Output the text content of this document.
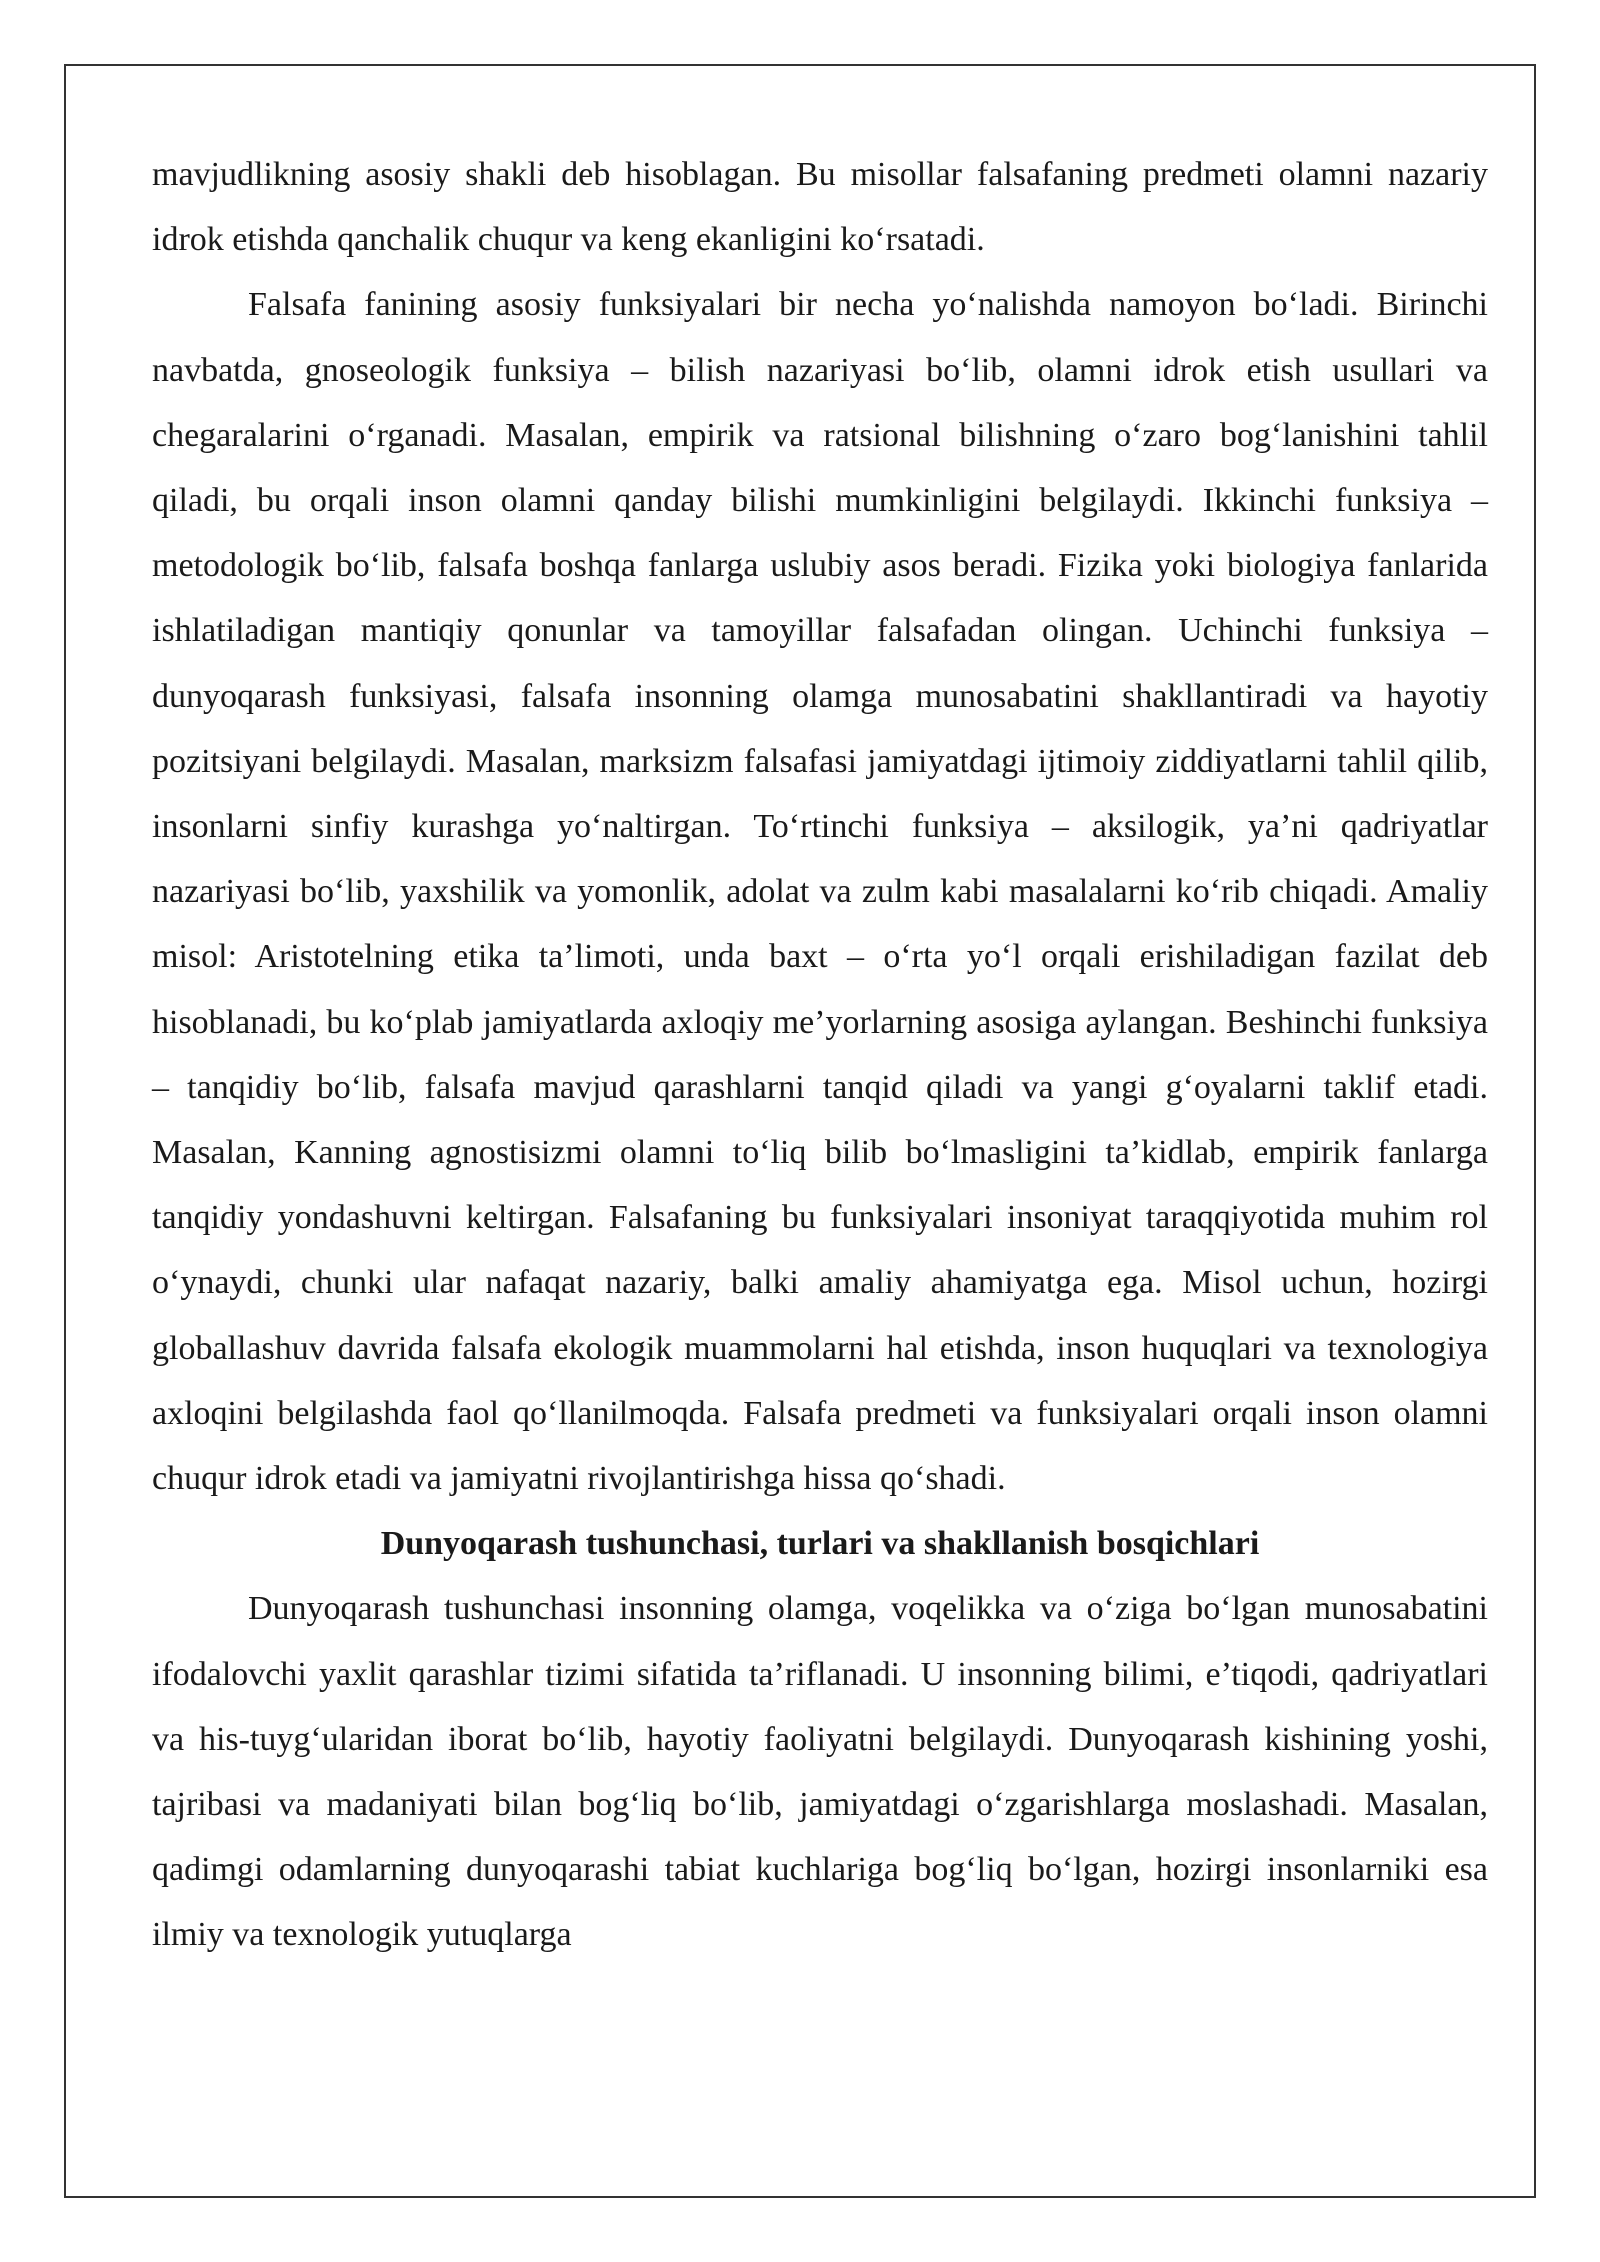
mavjudlikning asosiy shakli deb hisoblagan. Bu misollar falsafaning predmeti olamni nazariy idrok etishda qanchalik chuqur va keng ekanligini ko‘rsatadi.

Falsafa fanining asosiy funksiyalari bir necha yo‘nalishda namoyon bo‘ladi. Birinchi navbatda, gnoseologik funksiya – bilish nazariyasi bo‘lib, olamni idrok etish usullari va chegaralarini o‘rganadi. Masalan, empirik va ratsional bilishning o‘zaro bog‘lanishini tahlil qiladi, bu orqali inson olamni qanday bilishi mumkinligini belgilaydi. Ikkinchi funksiya – metodologik bo‘lib, falsafa boshqa fanlarga uslubiy asos beradi. Fizika yoki biologiya fanlarida ishlatiladigan mantiqiy qonunlar va tamoyillar falsafadan olingan. Uchinchi funksiya – dunyoqarash funksiyasi, falsafa insonning olamga munosabatini shakllantiradi va hayotiy pozitsiyani belgilaydi. Masalan, marksizm falsafasi jamiyatdagi ijtimoiy ziddiyatlarni tahlil qilib, insonlarni sinfiy kurashga yo‘naltirgan. To‘rtinchi funksiya – aksilogik, ya’ni qadriyatlar nazariyasi bo‘lib, yaxshilik va yomonlik, adolat va zulm kabi masalalarni ko‘rib chiqadi. Amaliy misol: Aristotelning etika ta’limoti, unda baxt – o‘rta yo‘l orqali erishiladigan fazilat deb hisoblanadi, bu ko‘plab jamiyatlarda axloqiy me’yorlarning asosiga aylangan. Beshinchi funksiya – tanqidiy bo‘lib, falsafa mavjud qarashlarni tanqid qiladi va yangi g‘oyalarni taklif etadi. Masalan, Kanning agnostisizmi olamni to‘liq bilib bo‘lmasligini ta’kidlab, empirik fanlarga tanqidiy yondashuvni keltirgan. Falsafaning bu funksiyalari insoniyat taraqqiyotida muhim rol o‘ynaydi, chunki ular nafaqat nazariy, balki amaliy ahamiyatga ega. Misol uchun, hozirgi globallashuv davrida falsafa ekologik muammolarni hal etishda, inson huquqlari va texnologiya axloqini belgilashda faol qo‘llanilmoqda. Falsafa predmeti va funksiyalari orqali inson olamni chuqur idrok etadi va jamiyatni rivojlantirishga hissa qo‘shadi.

Dunyoqarash tushunchasi, turlari va shakllanish bosqichlari

Dunyoqarash tushunchasi insonning olamga, voqelikka va o‘ziga bo‘lgan munosabatini ifodalovchi yaxlit qarashlar tizimi sifatida ta’riflanadi. U insonning bilimi, e’tiqodi, qadriyatlari va his-tuyg‘ularidan iborat bo‘lib, hayotiy faoliyatni belgilaydi. Dunyoqarash kishining yoshi, tajribasi va madaniyati bilan bog‘liq bo‘lib, jamiyatdagi o‘zgarishlarga moslashadi. Masalan, qadimgi odamlarning dunyoqarashi tabiat kuchlariga bog‘liq bo‘lgan, hozirgi insonlarniki esa ilmiy va texnologik yutuqlarga
